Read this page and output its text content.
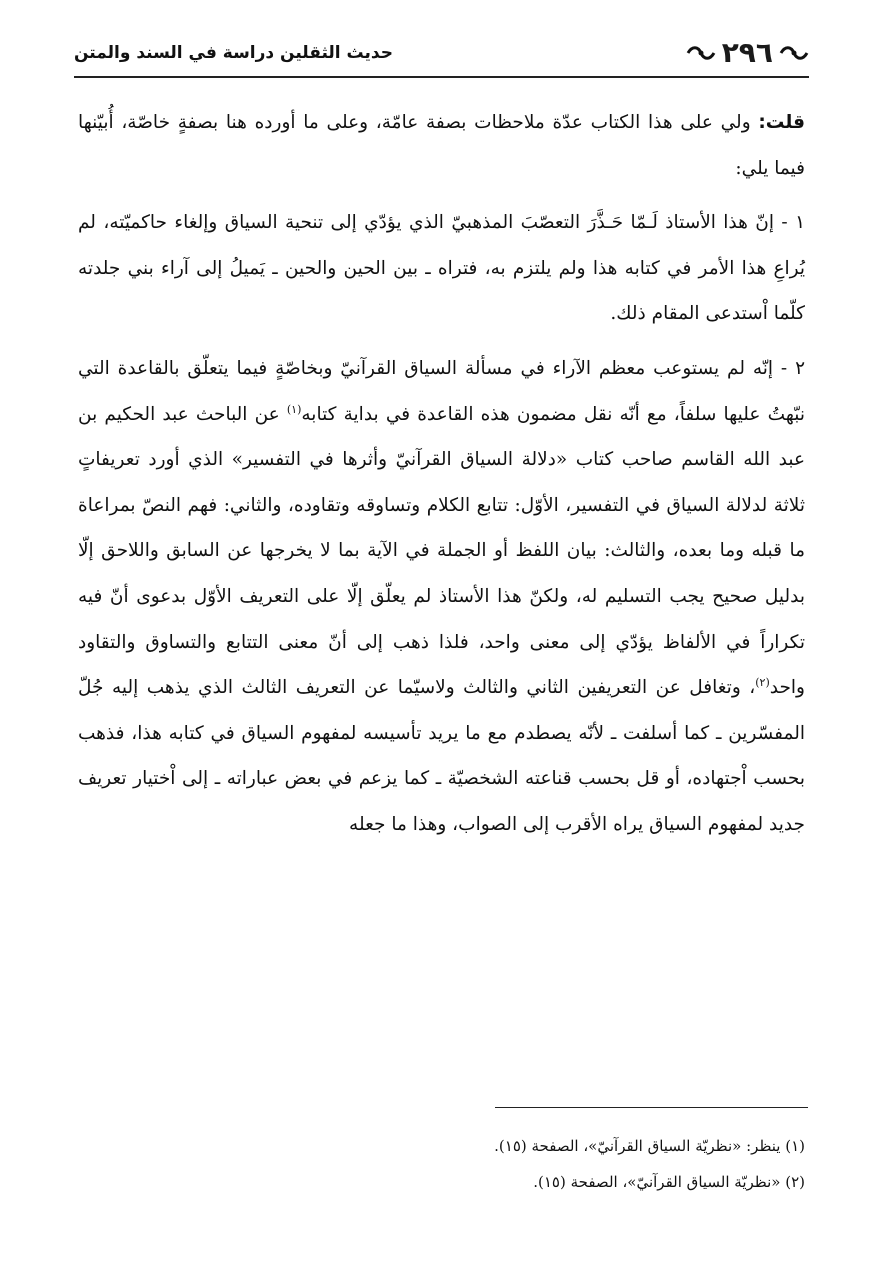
٢٩٦
حديث الثقلين دراسة في السند والمتن

قلت: ولي على هذا الكتاب عدّة ملاحظات بصفة عامّة، وعلى ما أورده هنا بصفةٍ خاصّة، أُبيّنها فيما يلي:

١ - إنّ هذا الأستاذ لَـمّا حَـذَّرَ التعصّبَ المذهبيّ الذي يؤدّي إلى تنحية السياق وإلغاء حاكميّته، لم يُراعِ هذا الأمر في كتابه هذا ولم يلتزم به، فتراه ـ بين الحين والحين ـ يَميلُ إلى آراء بني جلدته كلّما اْستدعى المقام ذلك.

٢ - إنّه لم يستوعب معظم الآراء في مسألة السياق القرآنيّ وبخاصّةٍ فيما يتعلّق بالقاعدة التي نبّهتُ عليها سلفاً، مع أنّه نقل مضمون هذه القاعدة في بداية كتابه$^{(١)}$ عن الباحث عبد الحكيم بن عبد الله القاسم صاحب كتاب «دلالة السياق القرآنيّ وأثرها في التفسير» الذي أورد تعريفاتٍ ثلاثة لدلالة السياق في التفسير، الأوّل: تتابع الكلام وتساوقه وتقاوده، والثاني: فهم النصّ بمراعاة ما قبله وما بعده، والثالث: بيان اللفظ أو الجملة في الآية بما لا يخرجها عن السابق واللاحق إلّا بدليل صحيح يجب التسليم له، ولكنّ هذا الأستاذ لم يعلّق إلّا على التعريف الأوّل بدعوى أنّ فيه تكراراً في الألفاظ يؤدّي إلى معنى واحد، فلذا ذهب إلى أنّ معنى التتابع والتساوق والتقاود واحد$^{(٢)}$، وتغافل عن التعريفين الثاني والثالث ولاسيّما عن التعريف الثالث الذي يذهب إليه جُلّ المفسّرين ـ كما أسلفت ـ لأنّه يصطدم مع ما يريد تأسيسه لمفهوم السياق في كتابه هذا، فذهب بحسب اْجتهاده، أو قل بحسب قناعته الشخصيّة ـ كما يزعم في بعض عباراته ـ إلى اْختيار تعريف جديد لمفهوم السياق يراه الأقرب إلى الصواب، وهذا ما جعله

(١) ينظر: «نظريّة السياق القرآنيّ»، الصفحة (١٥).

(٢) «نظريّة السياق القرآنيّ»، الصفحة (١٥).
